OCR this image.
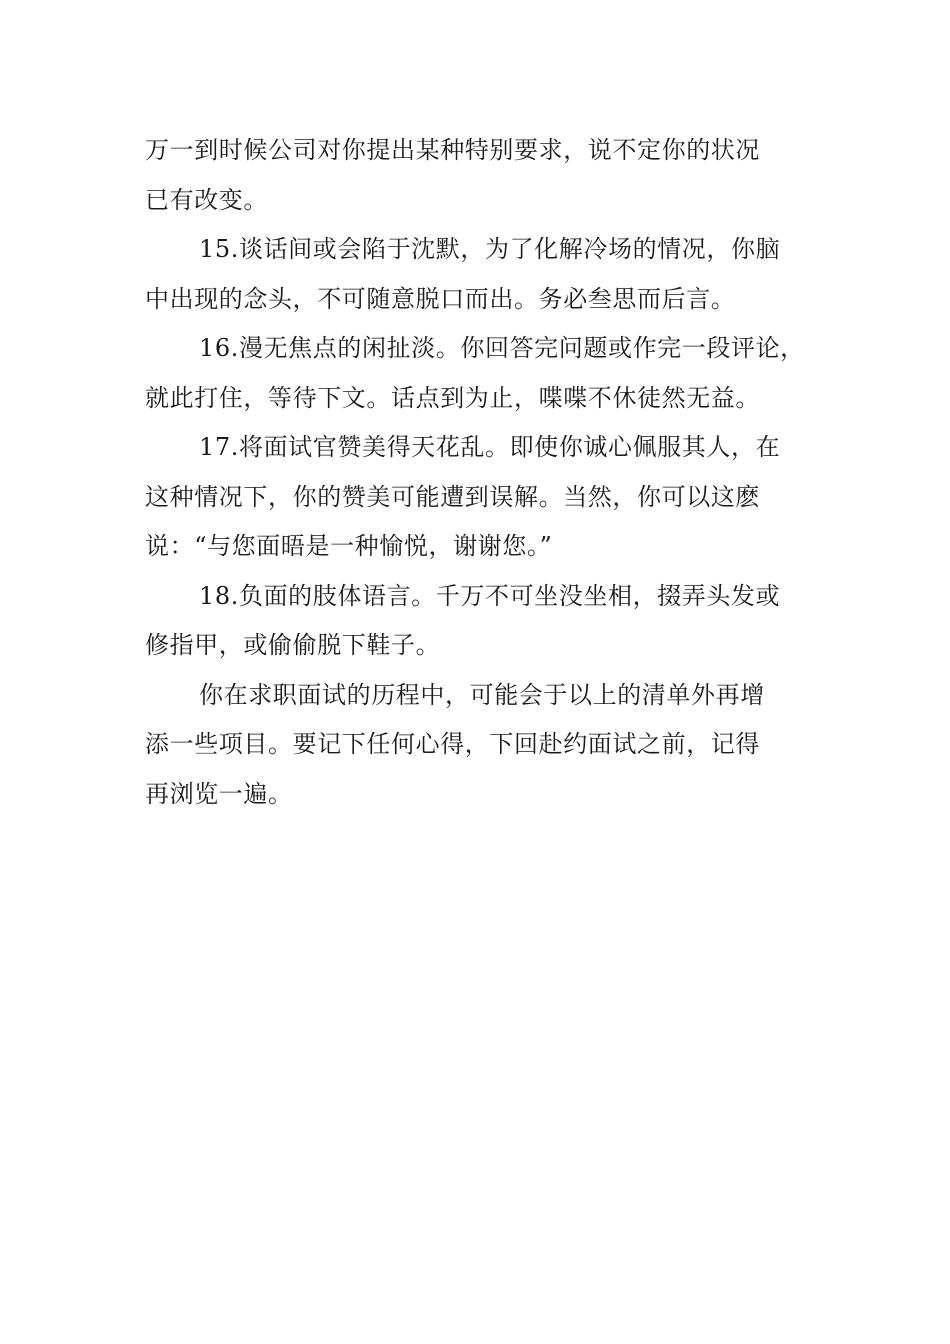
万一到时候公司对你提出某种特别要求，说不定你的状况
已有改变。
15.谈话间或会陷于沈默，为了化解冷场的情况，你脑
中出现的念头，不可随意脱口而出。务必叁思而后言。
16.漫无焦点的闲扯淡。你回答完问题或作完一段评论，
就此打住，等待下文。话点到为止，喋喋不休徒然无益。
17.将面试官赞美得天花乱。即使你诚心佩服其人，在
这种情况下，你的赞美可能遭到误解。当然，你可以这麽
说：“与您面晤是一种愉悦，谢谢您。”
18.负面的肢体语言。千万不可坐没坐相，掇弄头发或
修指甲，或偷偷脱下鞋子。
你在求职面试的历程中，可能会于以上的清单外再增
添一些项目。要记下任何心得，下回赴约面试之前，记得
再浏览一遍。
